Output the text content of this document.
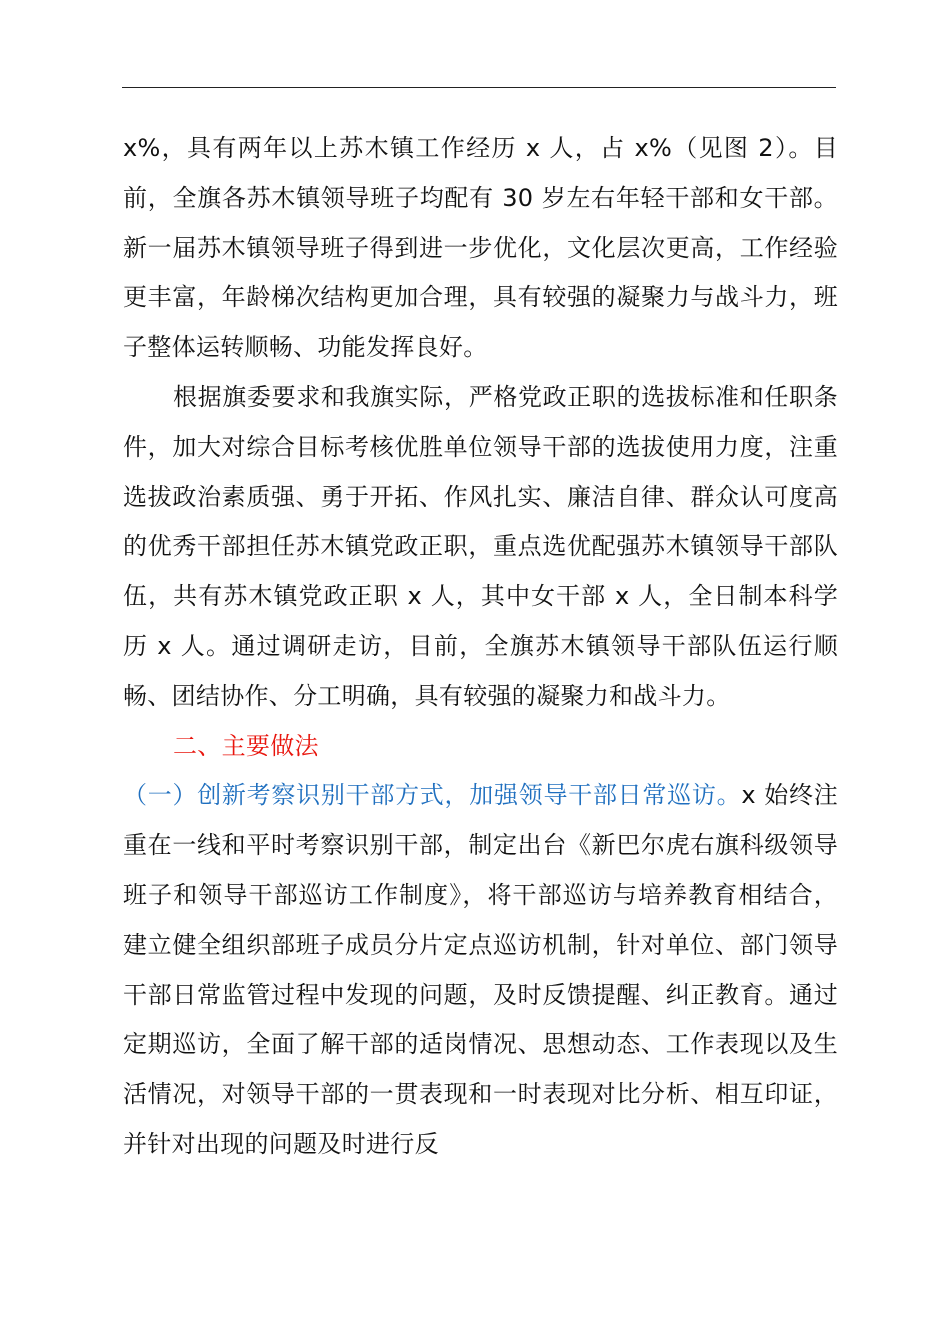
x%，具有两年以上苏木镇工作经历 x 人，占 x%（见图 2）。目前，全旗各苏木镇领导班子均配有 30 岁左右年轻干部和女干部。新一届苏木镇领导班子得到进一步优化，文化层次更高，工作经验更丰富，年龄梯次结构更加合理，具有较强的凝聚力与战斗力，班子整体运转顺畅、功能发挥良好。

根据旗委要求和我旗实际，严格党政正职的选拔标准和任职条件，加大对综合目标考核优胜单位领导干部的选拔使用力度，注重选拔政治素质强、勇于开拓、作风扎实、廉洁自律、群众认可度高的优秀干部担任苏木镇党政正职，重点选优配强苏木镇领导干部队伍，共有苏木镇党政正职 x 人，其中女干部 x 人，全日制本科学历 x 人。通过调研走访，目前，全旗苏木镇领导干部队伍运行顺畅、团结协作、分工明确，具有较强的凝聚力和战斗力。

二、主要做法

（一）创新考察识别干部方式，加强领导干部日常巡访。x 始终注重在一线和平时考察识别干部，制定出台《新巴尔虎右旗科级领导班子和领导干部巡访工作制度》，将干部巡访与培养教育相结合，建立健全组织部班子成员分片定点巡访机制，针对单位、部门领导干部日常监管过程中发现的问题，及时反馈提醒、纠正教育。通过定期巡访，全面了解干部的适岗情况、思想动态、工作表现以及生活情况，对领导干部的一贯表现和一时表现对比分析、相互印证，并针对出现的问题及时进行反
